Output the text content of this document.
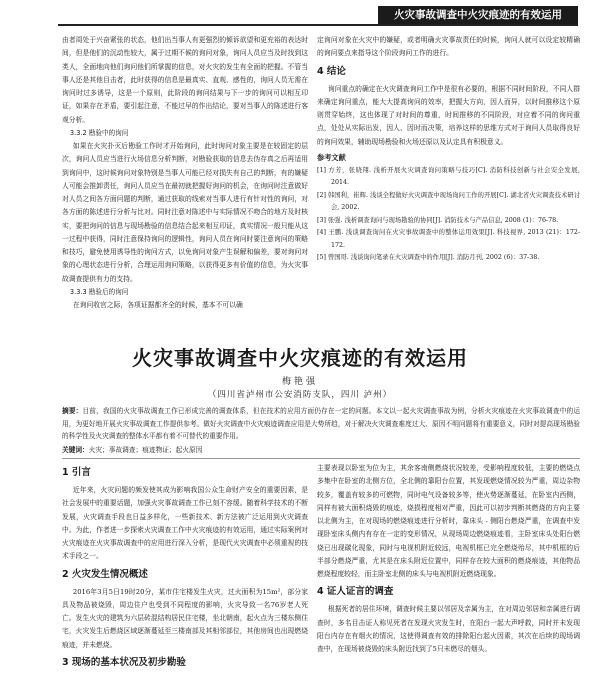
火灾事故调查中火灾痕迹的有效运用

由者周处于兴奋紧张的状态，他们出当事人有更强烈的倾诉欲望和更充裕的表达时间，但是他们的沉动性较大，属于过期不候的询问对象，询问人员应当及时找到这类人，全面地向他们询问他们所掌握的信息，对火灾的发生有全面的把握。不管当事人还是其他目击者，此时获得的信息是最真实、直观、感性的，询问人员无需在询问时过多诱导，这是一个原则，此阶段的询问结果与下一步的询问可以相互印证，如果存在矛盾，要引起注意，不能过早的作出结论，要对当事人的陈述进行客观分析。

3.3.2 勘验中的询问

如果在火灾扑灭后勘验工作时才开始询问，此时询问对象主要是在较固定的层次，询问人员应当进行火场信息分析判断，对勘验获取的信息去伪存真之后再适用到询问中，这时候询问对象特别是当事人可能已经对损失有自己的判断，有的嫌疑人可能会推卸责任，询问人员应当在最初就把握好询问的机会，在询问时注意做好对人员之间各方面问题的判断，通过获取的线索对当事人进行有针对性的询问，对各方面的陈述进行分析与比对。同时注意对陈述中与实际情况不吻合的地方及时核实，要把询问的信息与现场勘验的信息结合起来相互印证，真实情况一般只能从这一过程中获得，同时注意保持询问的逻辑性，询问人员在询问时要注意询问的策略和技巧，避免使用诱导性的询问方式，以免询问对象产生误解和偏差，要对询问对象的心理状态进行分析，合理运用询问策略，以获得更多有价值的信息，为火灾事故调查提供有力的支持。

3.3.3 勘验后的询问

在询问收官之际，各项证据都齐全的时候，基本不可以确

定询问对象在火灾中的嫌疑，或者明确火灾事故责任的时候，询问人就可以设定较精确的询问要点来指导这个阶段询问工作的进行。

4 结论

询问重点的确定在火灾调查询问工作中是很有必要的，根据不同时间阶段，不同人群来确定询问重点，能大大提高询问的效率，把握大方向，因人而异，以时间推移这个原则贯穿始终，这也体现了对时间的尊重，时间推移的不同阶段，对应着不同的询问重点，处处从实际出发，因人、因时而决策，培养这样的思维方式对于询问人员取得良好的询问效果，辅助现场勘验和火场还原以及认定具有积极意义。

参考文献
[1] 方芳，张晓翔. 浅析开展火灾调查询问策略与技巧[C]. 消防科技创新与社会安全发展, 2014.
[2] 韩国利，崔辉. 浅谈全程做好火灾调查中现场询问工作的开展[C]. 湖北省火灾调查技术研讨会, 2002.
[3] 张强. 浅析调查询问与现场勘验的协同[J]. 消防技术与产品信息, 2008 (1)：76-78.
[4] 王鹏. 浅谈调查询问在火灾事故调查中的整体运用效果[J]. 科技视界, 2013 (21)：172-172.
[5] 曾国哥. 浅谈询问笔录在火灾调查中的作用[J]. 消防月刊, 2002 (6)：37-38.
火灾事故调查中火灾痕迹的有效运用
梅艳强
（四川省泸州市公安消防支队，四川 泸州）
摘要：目前，我国的火灾事故调查工作已形成完善的调查体系，但在技术的应用方面仍存在一定的问题。本文以一起火灾调查事故为例，分析火灾痕迹在火灾事故调查中的运用，为更好地开展火灾事故调查工作提供参考。做好火灾调查中火灾痕迹调查应用是大势所趋，对于解决火灾调查难度过大、原因不明问题将有重要意义，同时对提高现场勘验的科学性及火灾调查的整体水平都有着不可替代的重要作用。
关键词：火灾；事故调查；痕迹物证；起火原因
1 引言

近年来，火灾问题的频发使其成为影响我国公众生命财产安全的重要因素，是社会发展中的重要话题，加强火灾事故调查工作已刻不容缓。随着科学技术的不断发展，火灾调查手段也日益多样化，一些新技术、新方法被广泛运用到火灾调查中。为此，作者进一步探索火灾调查工作中火灾痕迹的有效运用，通过实际案例对火灾痕迹在火灾事故调查中的应用进行深入分析，是现代火灾调查中必须重视的技术手段之一。

2 火灾发生情况概述

2016年3月5日19时20分，某市住宅楼发生火灾，过火面积为15m²，部分家具及物品被烧毁，周边住户也受到不同程度的影响，火灾导致一名76岁老人死亡。发生火灾的建筑为六层砖混结构居民住宅楼，坐北朝南，起火点为三楼东侧住宅，火灾发生后燃烧区域逐渐蔓延至三楼南部及其相邻部位，其他房间也出现燃烧痕迹，并未燃烧。

3 现场的基本状况及初步勘验

主要表现以卧室为位为主，其余客南侧燃烧状况较差，受影响程度较低，主要的燃烧点多集中在卧室的北侧方位，全北侧的靠阳台位置，其发现燃烧情况较为严重，周边杂物较多，覆盖有较多的可燃物，同时电气设备较多等，使火势逐渐蔓延，在卧室内西侧，同样有被大面积烧毁的痕迹，烧损程度相对严重，因此可以初步判断其燃烧的方向主要以北侧为主，在对现场的燃烧痕迹进行分析时，靠床头 - 侧阳台燃烧严重，在调查中发现卧室床头侧内有存在一定的变形情况，从现场周边燃烧痕迹看，主卧室床头处阳台燃烧已出现碳化现象，同时与电视机附近较远，电视机框已完全燃烧殆尽，其中机框的后半部分燃烧严重，尤其是在床头附近位置中，同样存在较大面积的燃烧痕迹，其他物品燃烧程度较轻，而主卧室北侧的床头与电视机附近燃烧现象。

4 证人证言的调查

根据死者的居住环境，调查时候主要以邻居及亲属为主，在对周边邻居和亲属进行调查时，多名目击证人称见死者在发现火灾发生时，在阳台一起大声呼救，同时并未发现阳台内存在有烟火的情况，这使得调查有效的排除阳台起火因素，其次在后续的现场调查中，在现场被烧毁的床头附近找到了5只未燃尽的烟头。
